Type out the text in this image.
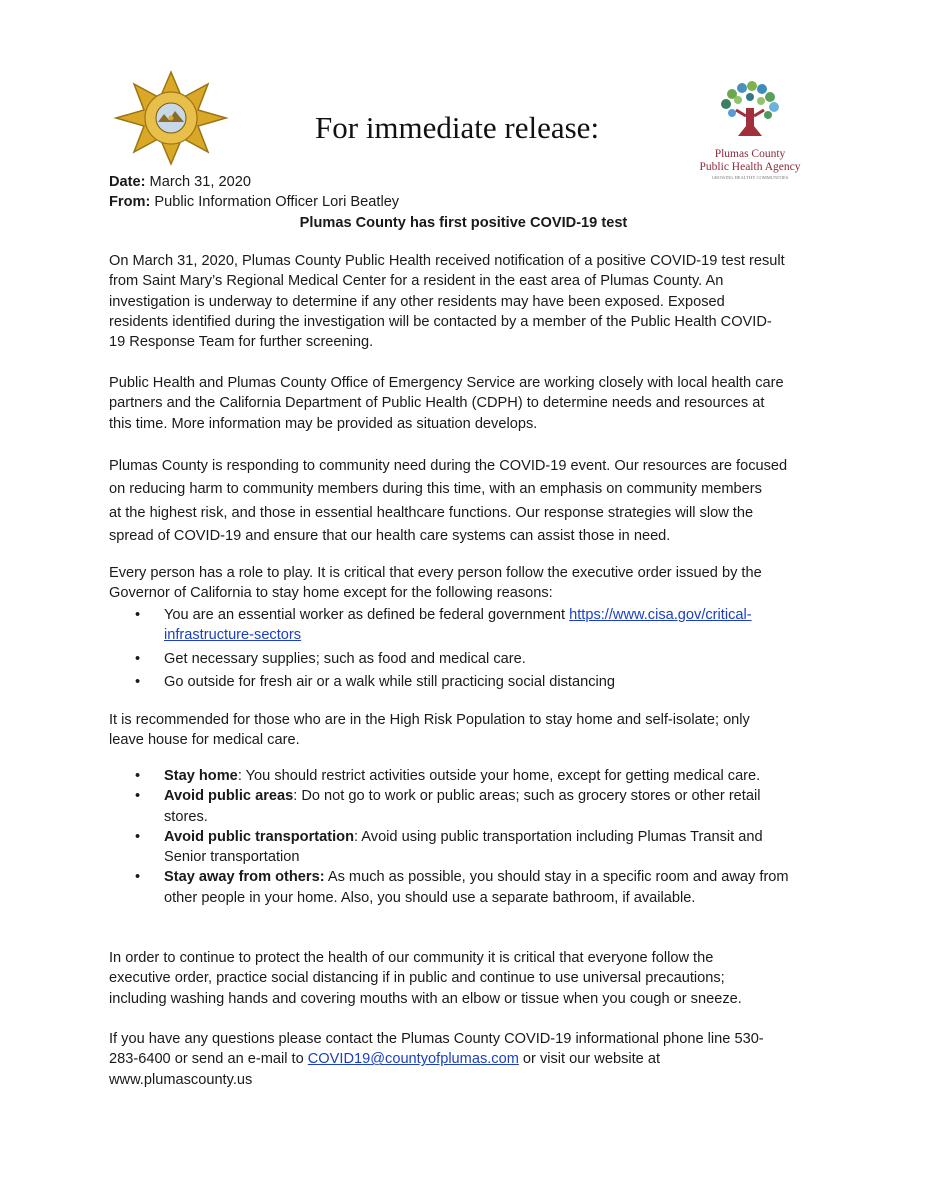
For immediate release:
Plumas County
Public Health Agency
GROWING HEALTHY COMMUNITIES
Date: March 31, 2020
From: Public Information Officer Lori Beatley
Plumas County has first positive COVID-19 test

On March 31, 2020, Plumas County Public Health received notification of a positive COVID-19 test result

from Saint Mary’s Regional Medical Center for a resident in the east area of Plumas County. An

investigation is underway to determine if any other residents may have been exposed. Exposed

residents identified during the investigation will be contacted by a member of the Public Health COVID-

19 Response Team for further screening.

Public Health and Plumas County Office of Emergency Service are working closely with local health care

partners and the California Department of Public Health (CDPH) to determine needs and resources at

this time. More information may be provided as situation develops.

Plumas County is responding to community need during the COVID-19 event. Our resources are focused

on reducing harm to community members during this time, with an emphasis on community members

at the highest risk, and those in essential healthcare functions. Our response strategies will slow the

spread of COVID-19 and ensure that our health care systems can assist those in need.

Every person has a role to play. It is critical that every person follow the executive order issued by the

Governor of California to stay home except for the following reasons:

• You are an essential worker as defined be federal government https://www.cisa.gov/critical-
infrastructure-sectors
• Get necessary supplies; such as food and medical care.
• Go outside for fresh air or a walk while still practicing social distancing

It is recommended for those who are in the High Risk Population to stay home and self-isolate; only

leave house for medical care.

• Stay home: You should restrict activities outside your home, except for getting medical care.
• Avoid public areas: Do not go to work or public areas; such as grocery stores or other retail
stores.
• Avoid public transportation: Avoid using public transportation including Plumas Transit and
Senior transportation
• Stay away from others: As much as possible, you should stay in a specific room and away from
other people in your home. Also, you should use a separate bathroom, if available.

In order to continue to protect the health of our community it is critical that everyone follow the

executive order, practice social distancing if in public and continue to use universal precautions;

including washing hands and covering mouths with an elbow or tissue when you cough or sneeze.

If you have any questions please contact the Plumas County COVID-19 informational phone line 530-

283-6400 or send an e-mail to COVID19@countyofplumas.com or visit our website at

www.plumascounty.us
